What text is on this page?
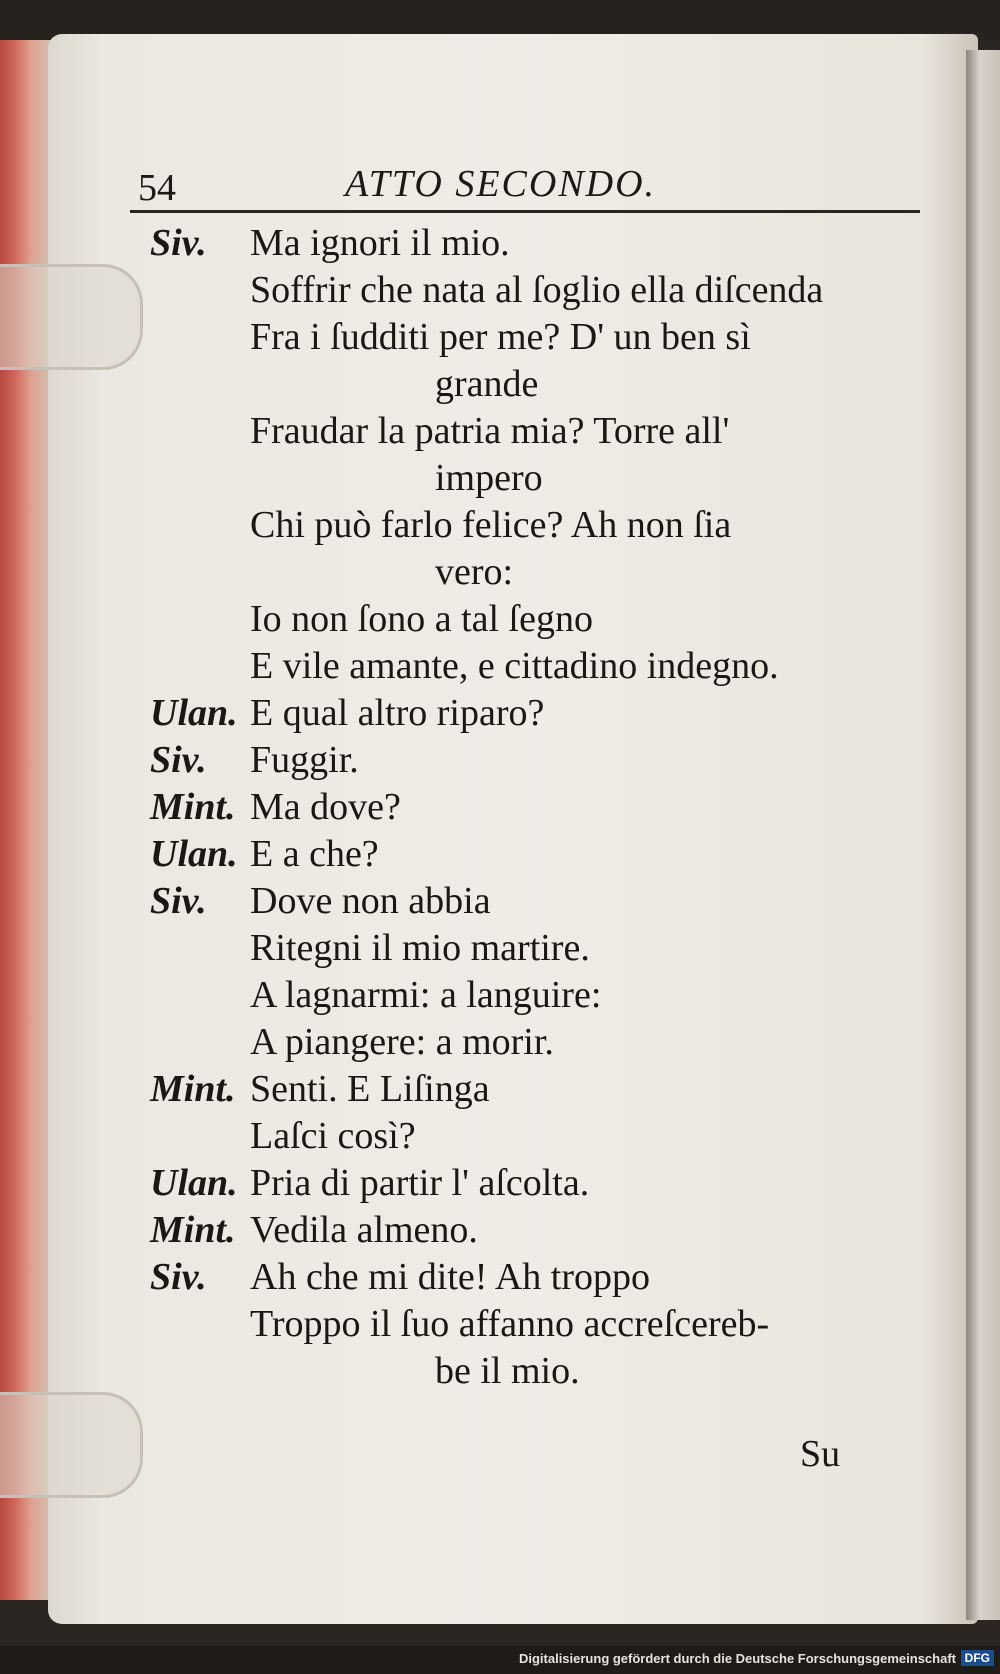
54	ATTO SECONDO.
Siv. Ma ignori il mio.
Soffrir che nata al ſoglio ella diſcenda
Fra i ſudditi per me? D' un ben sì
grande
Fraudar la patria mia? Torre all'
impero
Chi può farlo felice? Ah non ſia
vero:
Io non ſono a tal ſegno
E vile amante, e cittadino indegno.
Ulan. E qual altro riparo?
Siv. Fuggir.
Mint. Ma dove?
Ulan. E a che?
Siv. Dove non abbia
Ritegni il mio martire.
A lagnarmi: a languire:
A piangere: a morir.
Mint. Senti. E Liſinga
Laſci così?
Ulan. Pria di partir l' aſcolta.
Mint. Vedila almeno.
Siv. Ah che mi dite! Ah troppo
Troppo il ſuo affanno accreſcereb-
be il mio.
Su
Digitalisierung gefördert durch die Deutsche Forschungsgemeinschaft DFG
